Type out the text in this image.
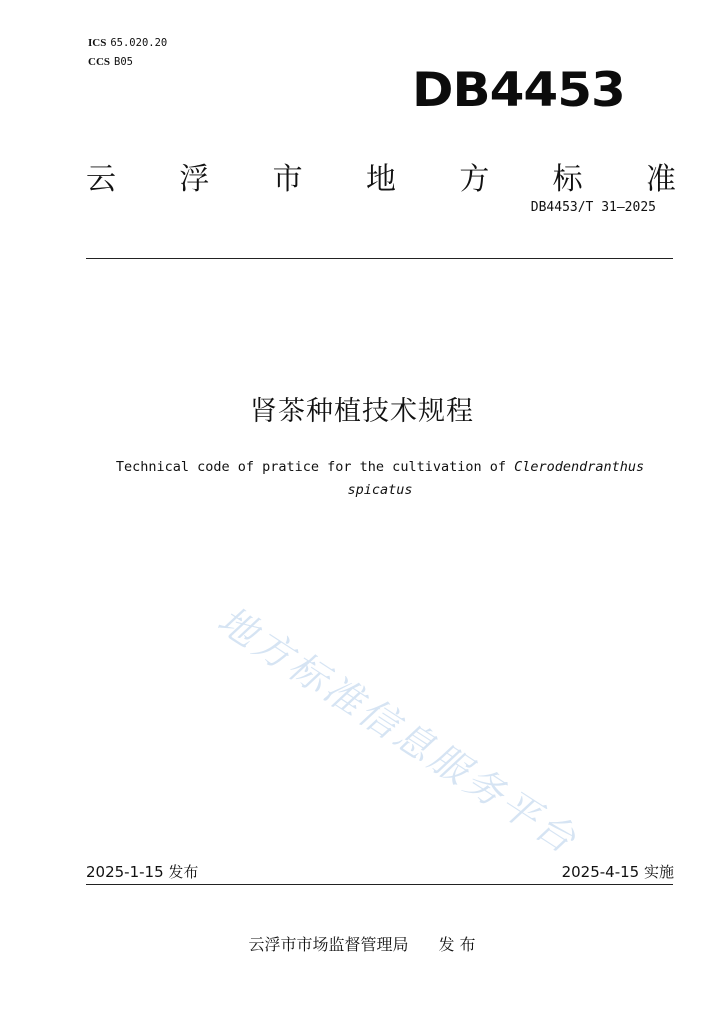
ICS 65.020.20
CCS B05
DB4453
云 浮 市 地 方 标 准
DB4453/T 31—2025
肾茶种植技术规程
Technical code of pratice for the cultivation of Clerodendranthus spicatus
地方标准信息服务平台
2025-1-15 发布	2025-4-15 实施
云浮市市场监督管理局 发 布
